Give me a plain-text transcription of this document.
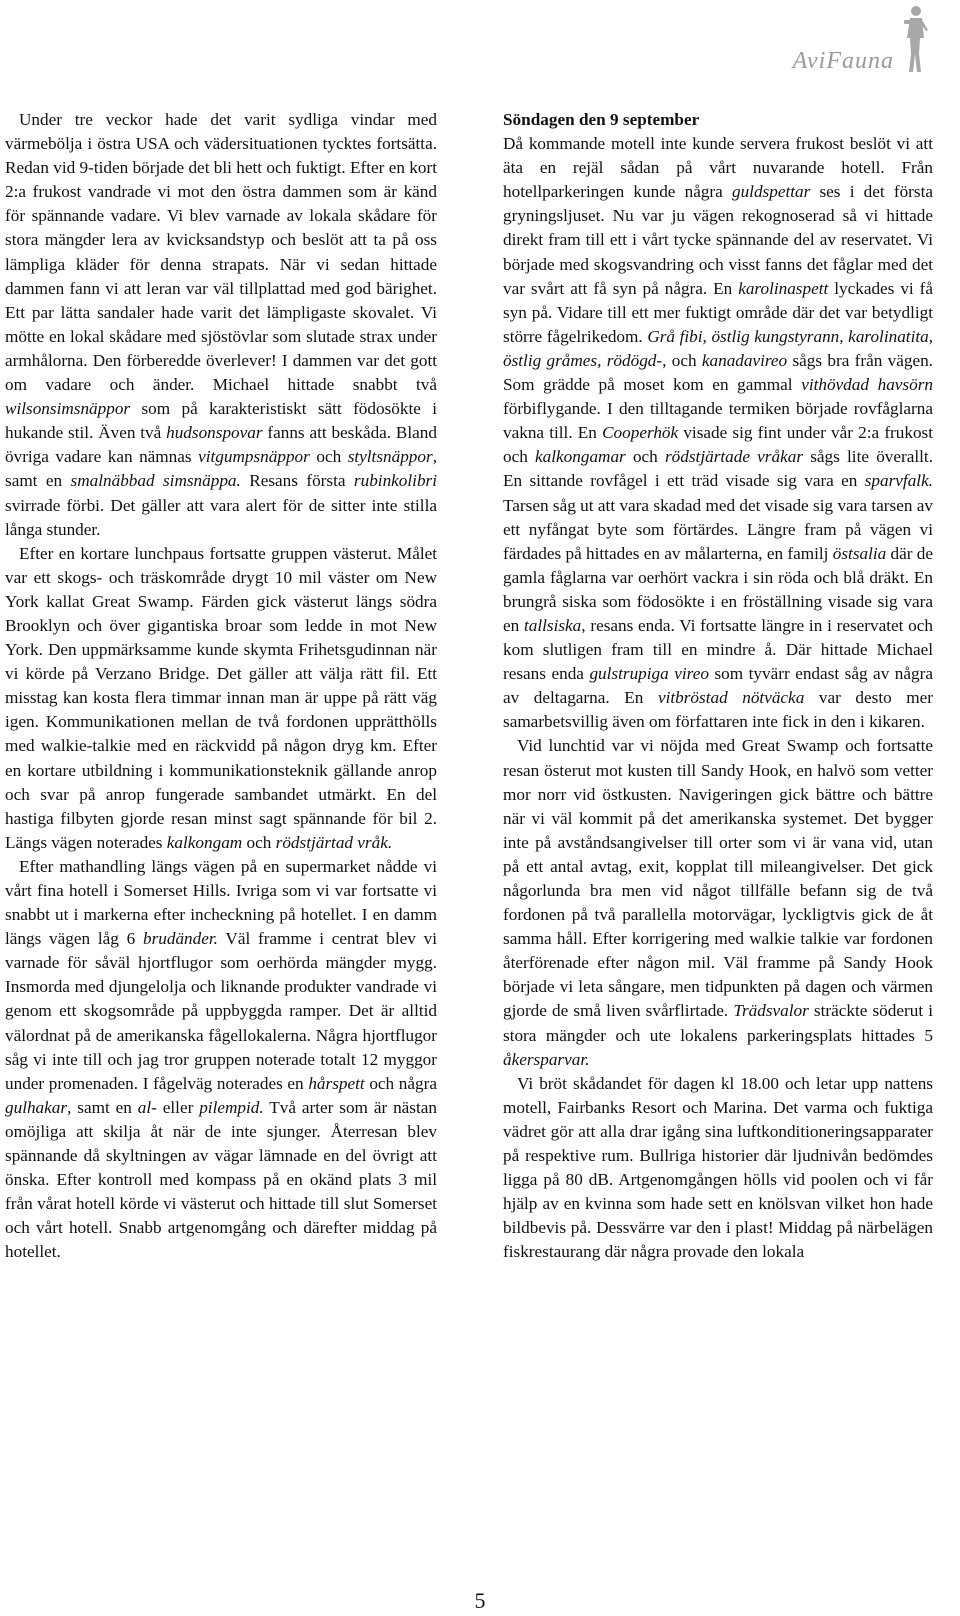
AviFauna

Under tre veckor hade det varit sydliga vindar med värmebölja i östra USA och vädersituationen tycktes fortsätta. Redan vid 9-tiden började det bli hett och fuktigt. Efter en kort 2:a frukost vandrade vi mot den östra dammen som är känd för spännande vadare. Vi blev varnade av lokala skådare för stora mängder lera av kvicksandstyp och beslöt att ta på oss lämpliga kläder för denna strapats. När vi sedan hittade dammen fann vi att leran var väl tillplattad med god bärighet. Ett par lätta sandaler hade varit det lämpligaste skovalet. Vi mötte en lokal skådare med sjöstövlar som slutade strax under armhålorna. Den förberedde överlever! I dammen var det gott om vadare och änder. Michael hittade snabbt två wilsonsimsnäppor som på karakteristiskt sätt födosökte i hukande stil. Även två hudsonspovar fanns att beskåda. Bland övriga vadare kan nämnas vitgumpsnäppor och styltsnäppor, samt en smalnäbbad simsnäppa. Resans första rubinkolibri svirrade förbi. Det gäller att vara alert för de sitter inte stilla långa stunder.

Efter en kortare lunchpaus fortsatte gruppen västerut. Målet var ett skogs- och träskområde drygt 10 mil väster om New York kallat Great Swamp. Färden gick västerut längs södra Brooklyn och över gigantiska broar som ledde in mot New York. Den uppmärksamme kunde skymta Frihetsgudinnan när vi körde på Verzano Bridge. Det gäller att välja rätt fil. Ett misstag kan kosta flera timmar innan man är uppe på rätt väg igen. Kommunikationen mellan de två fordonen upprätthölls med walkie-talkie med en räckvidd på någon dryg km. Efter en kortare utbildning i kommunikationsteknik gällande anrop och svar på anrop fungerade sambandet utmärkt. En del hastiga filbyten gjorde resan minst sagt spännande för bil 2. Längs vägen noterades kalkongam och rödstjärtad vråk.

Efter mathandling längs vägen på en supermarket nådde vi vårt fina hotell i Somerset Hills. Ivriga som vi var fortsatte vi snabbt ut i markerna efter incheckning på hotellet. I en damm längs vägen låg 6 brudänder. Väl framme i centrat blev vi varnade för såväl hjortflugor som oerhörda mängder mygg. Insmorda med djungelolja och liknande produkter vandrade vi genom ett skogsområde på uppbyggda ramper. Det är alltid välordnat på de amerikanska fågellokalerna. Några hjortflugor såg vi inte till och jag tror gruppen noterade totalt 12 myggor under promenaden. I fågelväg noterades en hårspett och några gulhakar, samt en al- eller pilempid. Två arter som är nästan omöjliga att skilja åt när de inte sjunger. Återresan blev spännande då skyltningen av vägar lämnade en del övrigt att önska. Efter kontroll med kompass på en okänd plats 3 mil från vårat hotell körde vi västerut och hittade till slut Somerset och vårt hotell. Snabb artgenomgång och därefter middag på hotellet.

Söndagen den 9 september

Då kommande motell inte kunde servera frukost beslöt vi att äta en rejäl sådan på vårt nuvarande hotell. Från hotellparkeringen kunde några guldspettar ses i det första gryningsljuset. Nu var ju vägen rekognoserad så vi hittade direkt fram till ett i vårt tycke spännande del av reservatet. Vi började med skogsvandring och visst fanns det fåglar med det var svårt att få syn på några. En karolinaspett lyckades vi få syn på. Vidare till ett mer fuktigt område där det var betydligt större fågelrikedom. Grå fibi, östlig kungstyrann, karolinatita, östlig gråmes, rödögd-, och kanadavireo sågs bra från vägen. Som grädde på moset kom en gammal vithövdad havsörn förbiflygande. I den tilltagande termiken började rovfåglarna vakna till. En Cooperhök visade sig fint under vår 2:a frukost och kalkongamar och rödstjärtade vråkar sågs lite överallt. En sittande rovfågel i ett träd visade sig vara en sparvfalk. Tarsen såg ut att vara skadad med det visade sig vara tarsen av ett nyfångat byte som förtärdes. Längre fram på vägen vi färdades på hittades en av målarterna, en familj östsalia där de gamla fåglarna var oerhört vackra i sin röda och blå dräkt. En brungrå siska som födosökte i en fröställning visade sig vara en tallsiska, resans enda. Vi fortsatte längre in i reservatet och kom slutligen fram till en mindre å. Där hittade Michael resans enda gulstrupiga vireo som tyvärr endast såg av några av deltagarna. En vitbröstad nötväcka var desto mer samarbetsvillig även om författaren inte fick in den i kikaren.

Vid lunchtid var vi nöjda med Great Swamp och fortsatte resan österut mot kusten till Sandy Hook, en halvö som vetter mor norr vid östkusten. Navigeringen gick bättre och bättre när vi väl kommit på det amerikanska systemet. Det bygger inte på avståndsangivelser till orter som vi är vana vid, utan på ett antal avtag, exit, kopplat till mileangivelser. Det gick någorlunda bra men vid något tillfälle befann sig de två fordonen på två parallella motorvägar, lyckligtvis gick de åt samma håll. Efter korrigering med walkie talkie var fordonen återförenade efter någon mil. Väl framme på Sandy Hook började vi leta sångare, men tidpunkten på dagen och värmen gjorde de små liven svårflirtade. Trädsvalor sträckte söderut i stora mängder och ute lokalens parkeringsplats hittades 5 åkersparvar.

Vi bröt skådandet för dagen kl 18.00 och letar upp nattens motell, Fairbanks Resort och Marina. Det varma och fuktiga vädret gör att alla drar igång sina luftkonditioneringsapparater på respektive rum. Bullriga historier där ljudnivån bedömdes ligga på 80 dB. Artgenomgången hölls vid poolen och vi får hjälp av en kvinna som hade sett en knölsvan vilket hon hade bildbevis på. Dessvärre var den i plast! Middag på närbelägen fiskrestaurang där några provade den lokala

5
